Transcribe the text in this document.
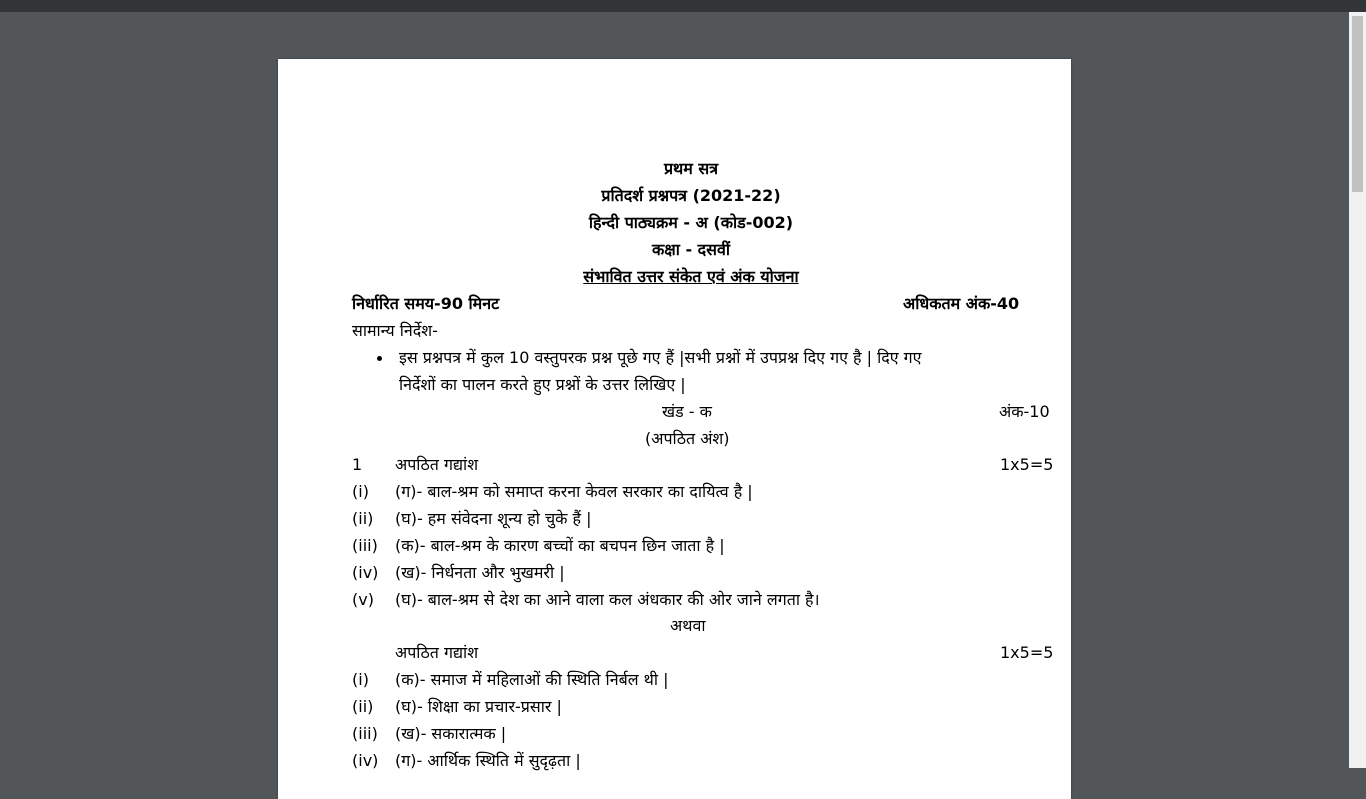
प्रथम सत्र
प्रतिदर्श प्रश्नपत्र (2021-22)
हिन्दी पाठ्यक्रम - अ (कोड-002)
कक्षा - दसवीं
संभावित उत्तर संकेत एवं अंक योजना
निर्धारित समय-90 मिनट	अधिकतम अंक-40
सामान्य निर्देश-
इस प्रश्नपत्र में कुल 10 वस्तुपरक प्रश्न पूछे गए हैं |सभी प्रश्नों में उपप्रश्न दिए गए है | दिए गए
निर्देशों का पालन करते हुए प्रश्नों के उत्तर लिखिए |
खंड - क	अंक-10
(अपठित अंश)
1 अपठित गद्यांश	1x5=5
(i) (ग)- बाल-श्रम को समाप्त करना केवल सरकार का दायित्व है |
(ii) (घ)- हम संवेदना शून्य हो चुके हैं |
(iii) (क)- बाल-श्रम के कारण बच्चों का बचपन छिन जाता है |
(iv) (ख)- निर्धनता और भुखमरी |
(v) (घ)- बाल-श्रम से देश का आने वाला कल अंधकार की ओर जाने लगता है।
अथवा
अपठित गद्यांश	1x5=5
(i) (क)- समाज में महिलाओं की स्थिति निर्बल थी |
(ii) (घ)- शिक्षा का प्रचार-प्रसार |
(iii) (ख)- सकारात्मक |
(iv) (ग)- आर्थिक स्थिति में सुदृढ़ता |
